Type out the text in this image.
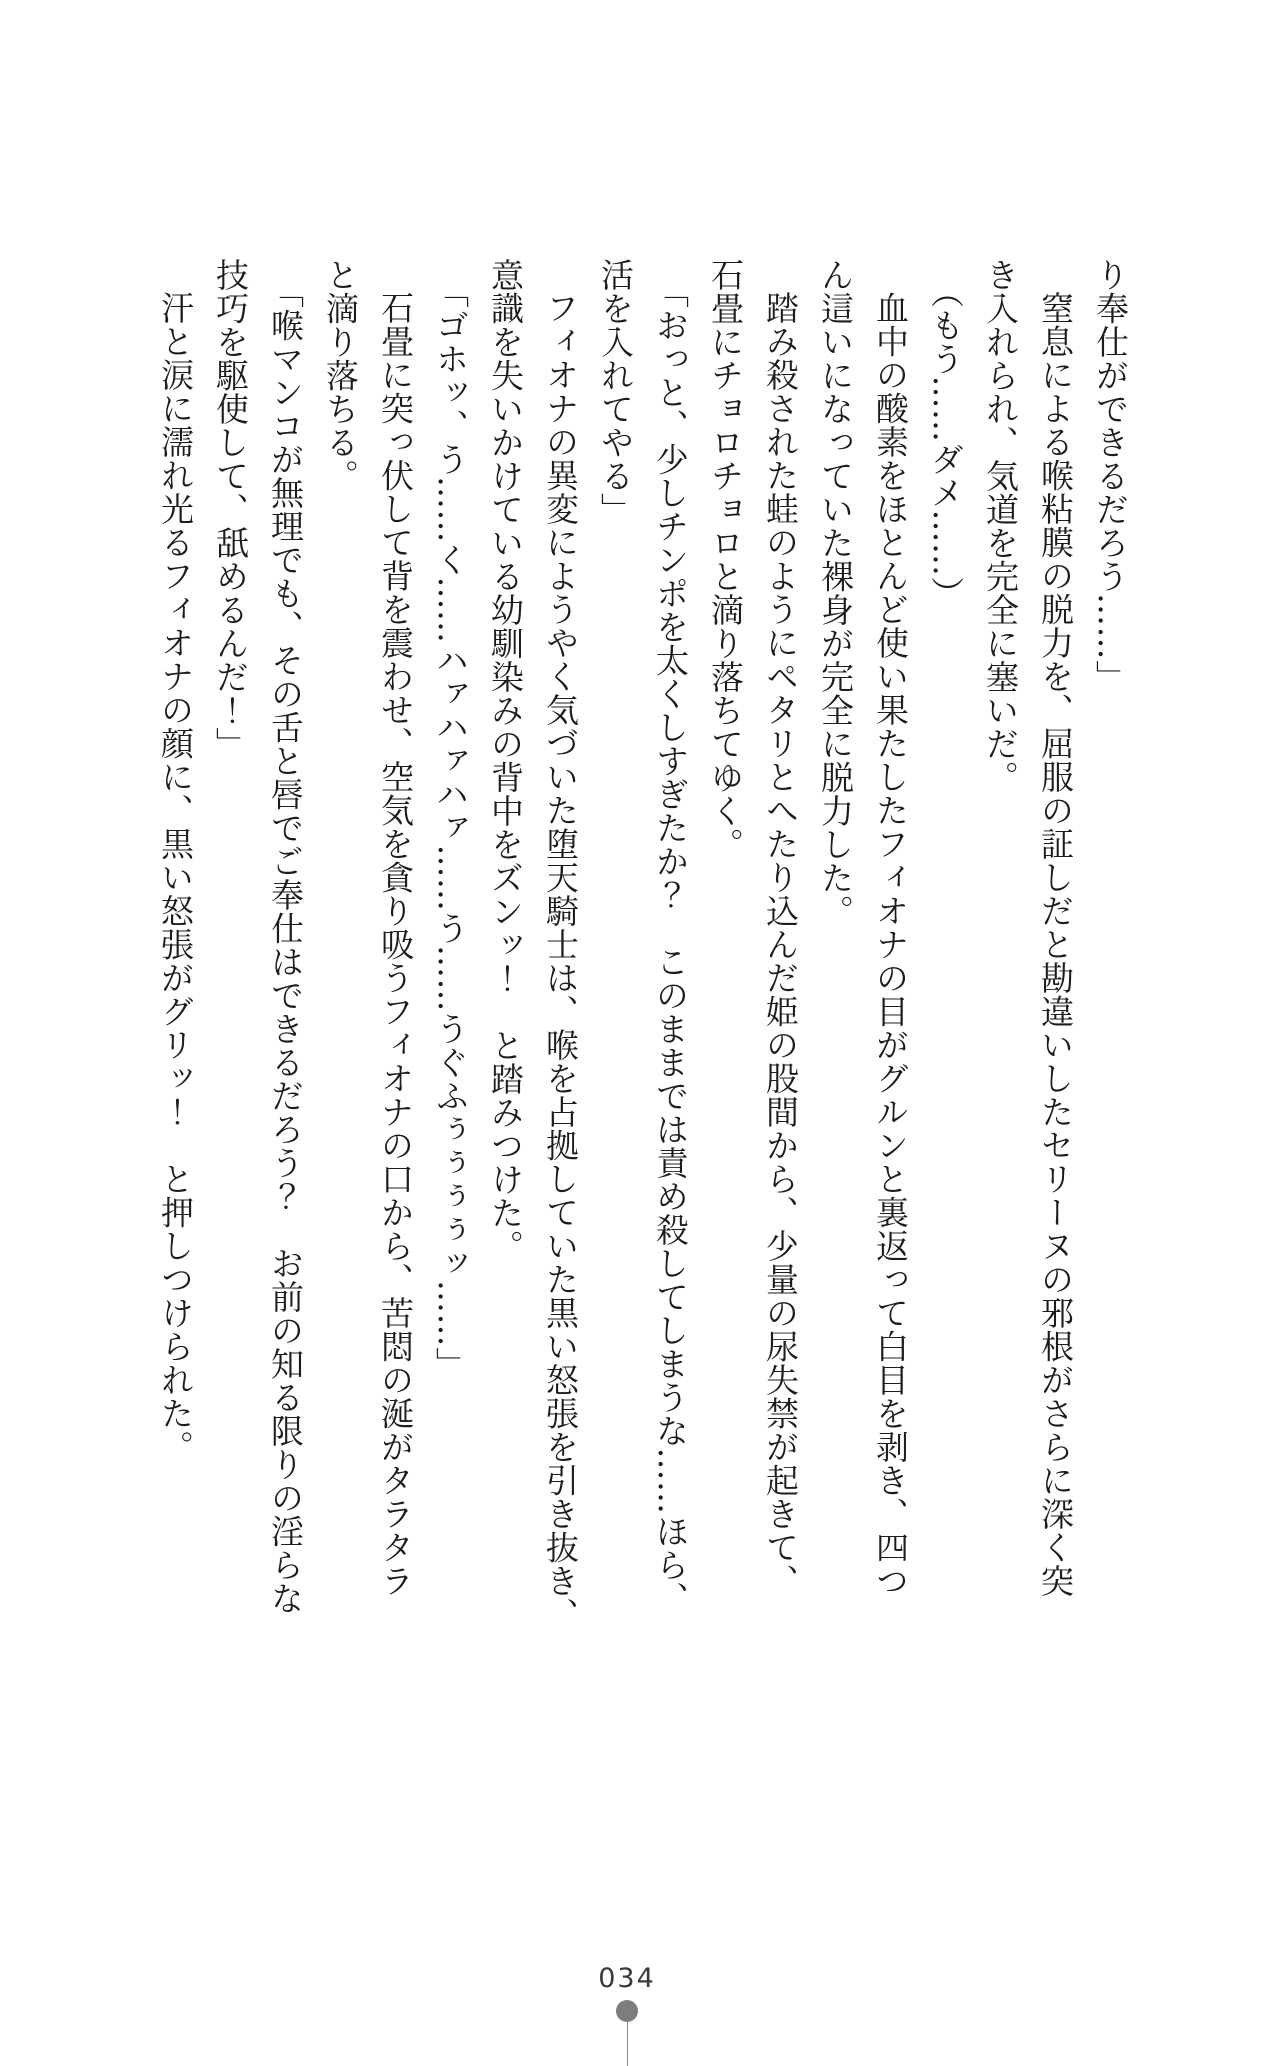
り奉仕ができるだろう……」

窒息による喉粘膜の脱力を、屈服の証しだと勘違いしたセリーヌの邪根がさらに深く突

き入れられ、気道を完全に塞いだ。

（もう……ダメ……）

血中の酸素をほとんど使い果たしたフィオナの目がグルンと裏返って白目を剥き、四つ

ん這いになっていた裸身が完全に脱力した。

踏み殺された蛙のようにペタリとへたり込んだ姫の股間から、少量の尿失禁が起きて、

石畳にチョロチョロと滴り落ちてゆく。

「おっと、少しチンポを太くしすぎたか？　このままでは責め殺してしまうな……ほら、

活を入れてやる」

フィオナの異変にようやく気づいた堕天騎士は、喉を占拠していた黒い怒張を引き抜き、

意識を失いかけている幼馴染みの背中をズンッ！　と踏みつけた。

「ゴホッ、う……く……ハァハァハァ……う……うぐふぅぅぅぅッ……」

石畳に突っ伏して背を震わせ、空気を貪り吸うフィオナの口から、苦悶の涎がタラタラ

と滴り落ちる。

「喉マンコが無理でも、その舌と唇でご奉仕はできるだろう？　お前の知る限りの淫らな

技巧を駆使して、舐めるんだ！」

汗と涙に濡れ光るフィオナの顔に、黒い怒張がグリッ！　と押しつけられた。

034
